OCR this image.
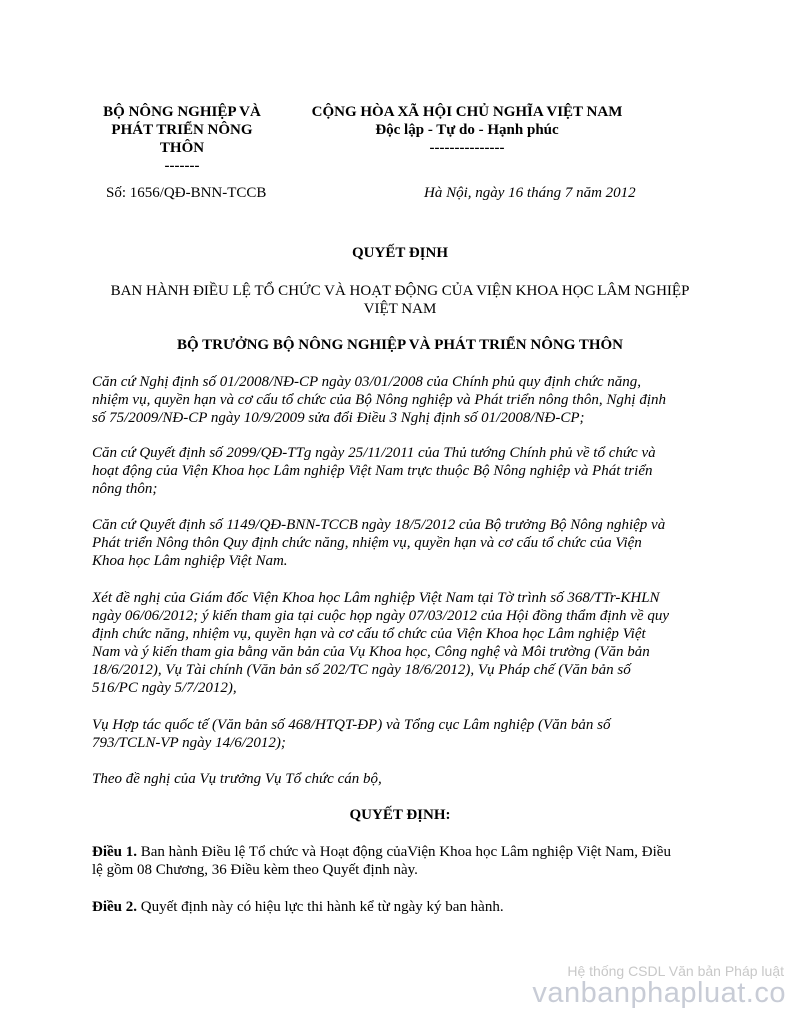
BỘ NÔNG NGHIỆP VÀ
PHÁT TRIỂN NÔNG
THÔN
-------
CỘNG HÒA XÃ HỘI CHỦ NGHĨA VIỆT NAM
Độc lập - Tự do - Hạnh phúc
---------------
Số: 1656/QĐ-BNN-TCCB	Hà Nội, ngày 16 tháng 7 năm 2012
QUYẾT ĐỊNH
BAN HÀNH ĐIỀU LỆ TỔ CHỨC VÀ HOẠT ĐỘNG CỦA VIỆN KHOA HỌC LÂM NGHIỆP
VIỆT NAM
BỘ TRƯỞNG BỘ NÔNG NGHIỆP VÀ PHÁT TRIỂN NÔNG THÔN
Căn cứ Nghị định số 01/2008/NĐ-CP ngày 03/01/2008 của Chính phủ quy định chức năng,
nhiệm vụ, quyền hạn và cơ cấu tổ chức của Bộ Nông nghiệp và Phát triển nông thôn, Nghị định
số 75/2009/NĐ-CP ngày 10/9/2009 sửa đổi Điều 3 Nghị định số 01/2008/NĐ-CP;
Căn cứ Quyết định số 2099/QĐ-TTg ngày 25/11/2011 của Thủ tướng Chính phủ về tổ chức và
hoạt động của Viện Khoa học Lâm nghiệp Việt Nam trực thuộc Bộ Nông nghiệp và Phát triển
nông thôn;
Căn cứ Quyết định số 1149/QĐ-BNN-TCCB ngày 18/5/2012 của Bộ trưởng Bộ Nông nghiệp và
Phát triển Nông thôn Quy định chức năng, nhiệm vụ, quyền hạn và cơ cấu tổ chức của Viện
Khoa học Lâm nghiệp Việt Nam.
Xét đề nghị của Giám đốc Viện Khoa học Lâm nghiệp Việt Nam tại Tờ trình số 368/TTr-KHLN
ngày 06/06/2012; ý kiến tham gia tại cuộc họp ngày 07/03/2012 của Hội đồng thẩm định về quy
định chức năng, nhiệm vụ, quyền hạn và cơ cấu tổ chức của Viện Khoa học Lâm nghiệp Việt
Nam và ý kiến tham gia bằng văn bản của Vụ Khoa học, Công nghệ và Môi trường (Văn bản
18/6/2012), Vụ Tài chính (Văn bản số 202/TC ngày 18/6/2012), Vụ Pháp chế (Văn bản số
516/PC ngày 5/7/2012),
Vụ Hợp tác quốc tế (Văn bản số 468/HTQT-ĐP) và Tổng cục Lâm nghiệp (Văn bản số
793/TCLN-VP ngày 14/6/2012);
Theo đề nghị của Vụ trưởng Vụ Tổ chức cán bộ,
QUYẾT ĐỊNH:
Điều 1. Ban hành Điều lệ Tổ chức và Hoạt động củaViện Khoa học Lâm nghiệp Việt Nam, Điều
lệ gồm 08 Chương, 36 Điều kèm theo Quyết định này.
Điều 2. Quyết định này có hiệu lực thi hành kể từ ngày ký ban hành.
Hệ thống CSDL Văn bản Pháp luật
vanbanphapluat.co
